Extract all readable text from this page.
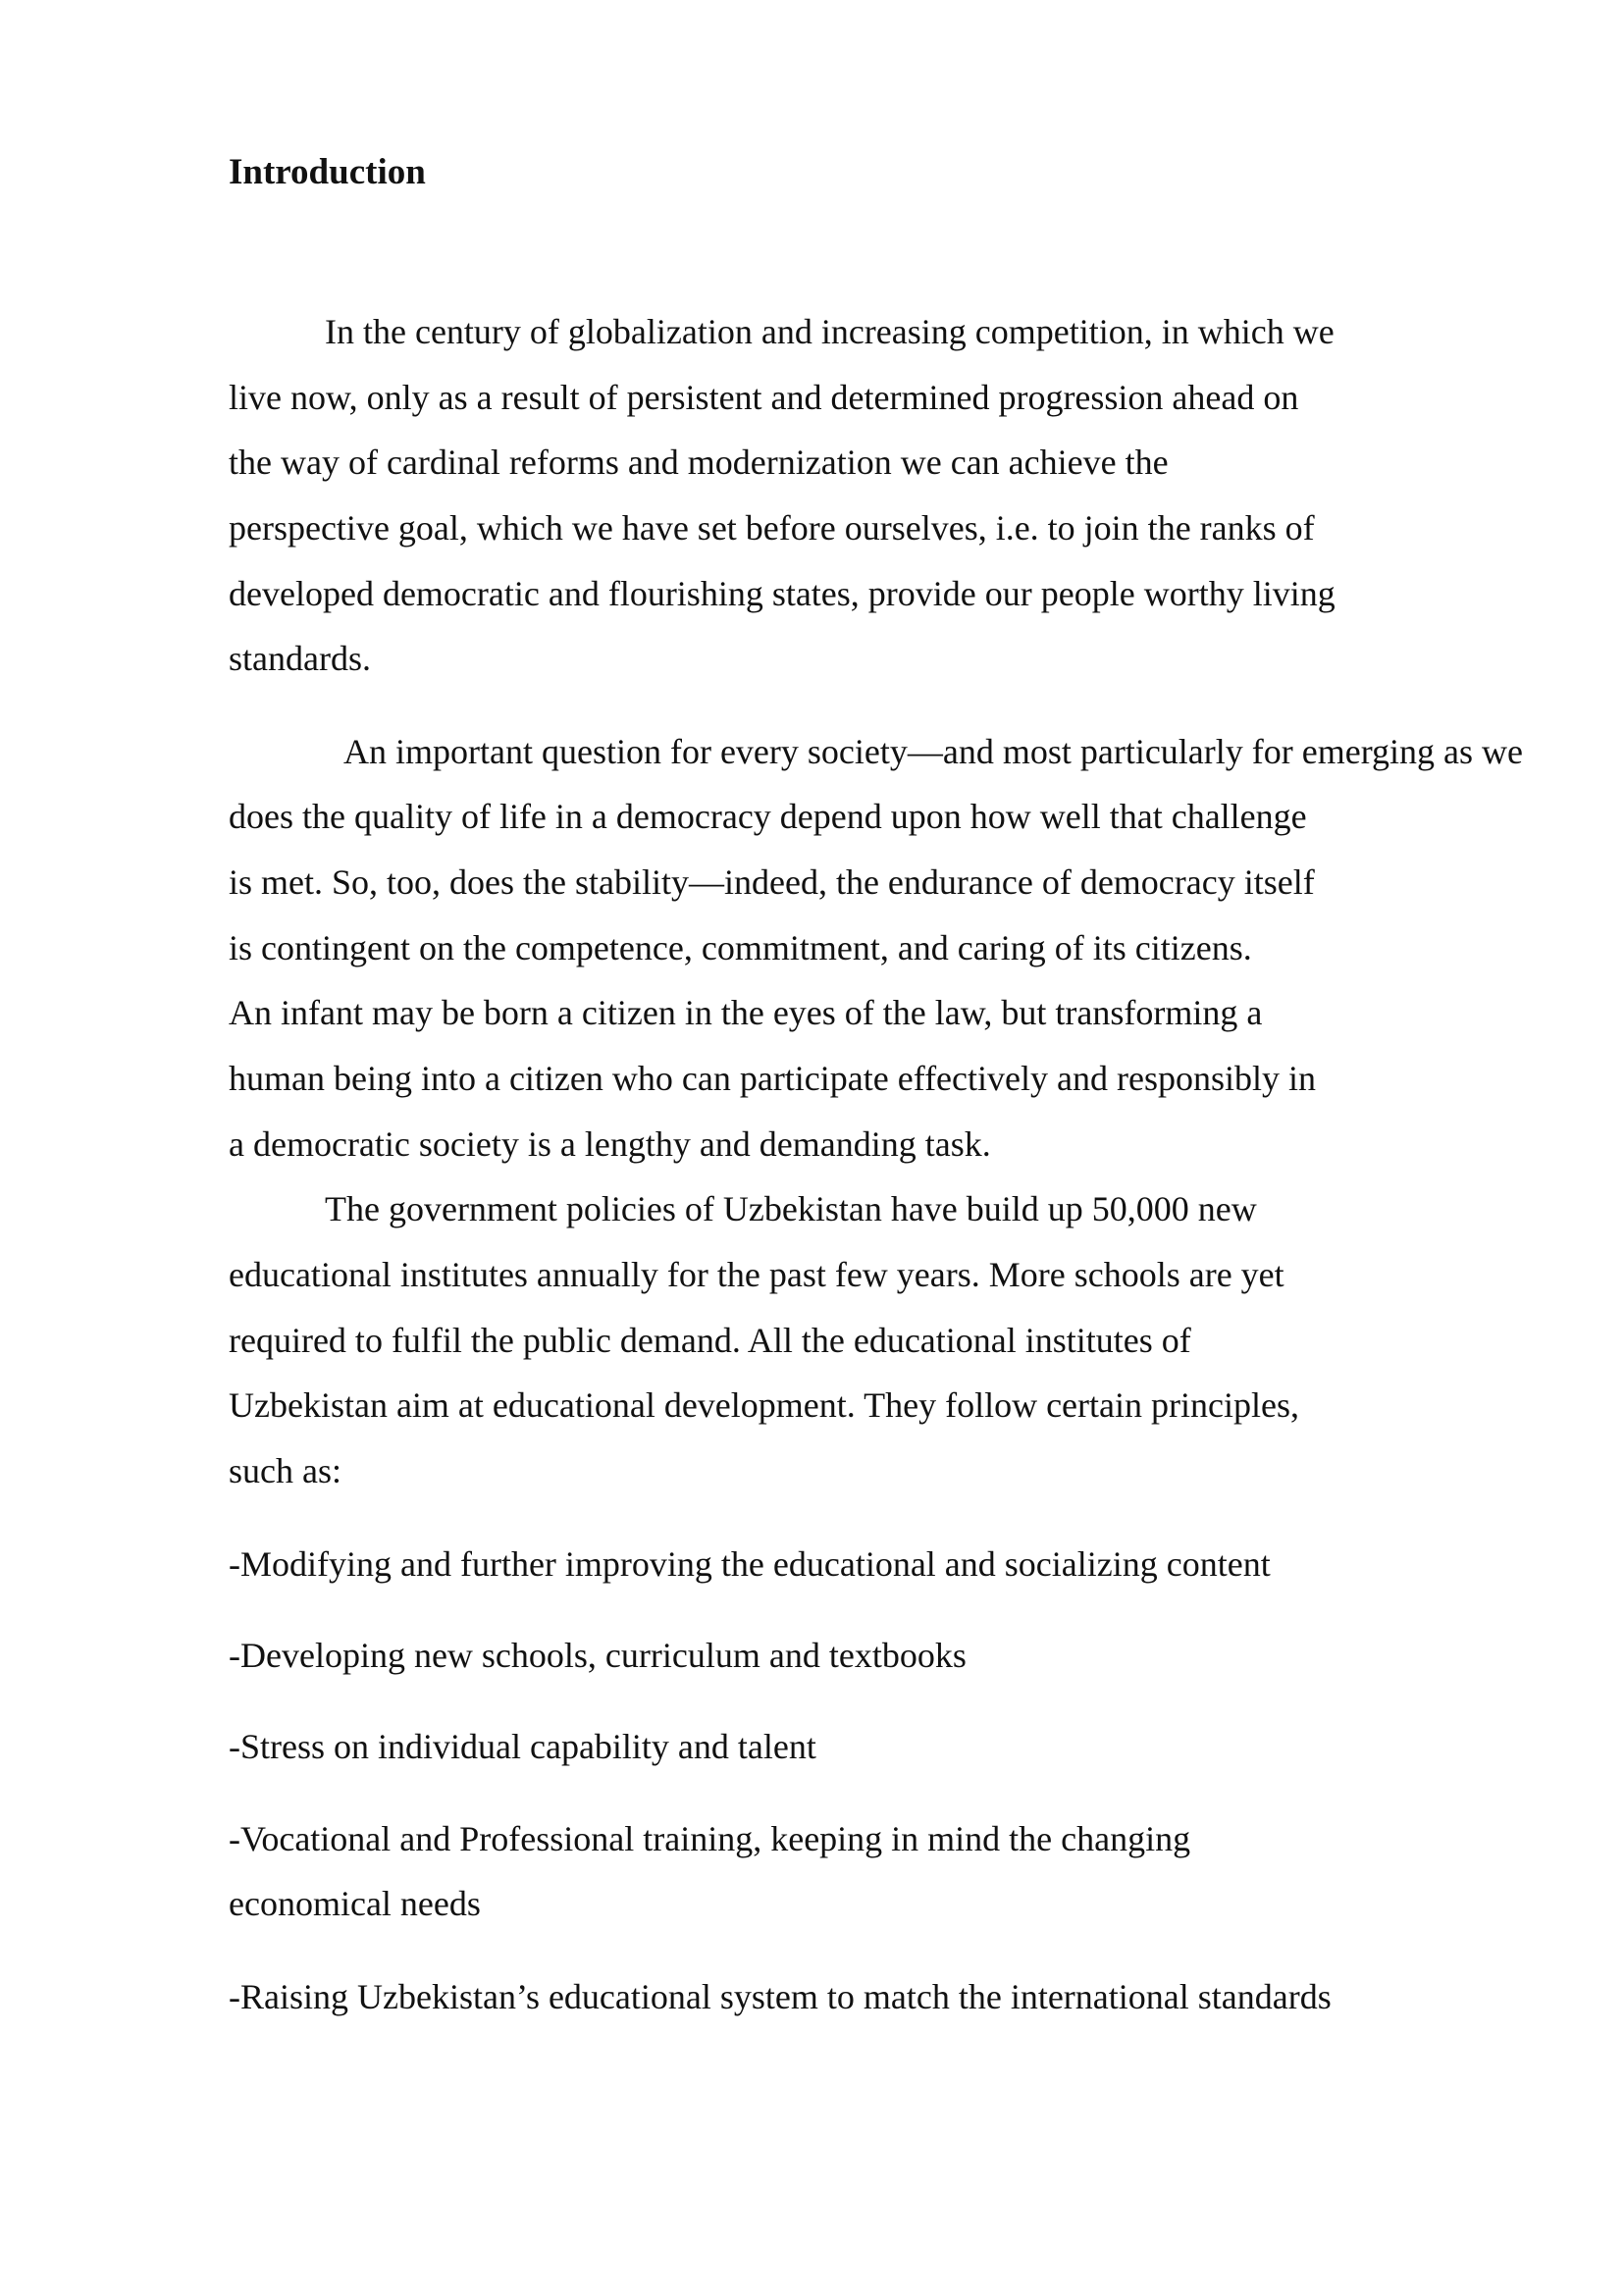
Introduction

In the century of globalization and increasing competition, in which we

live now, only as a result of persistent and determined progression ahead on

the way of cardinal reforms and modernization we can achieve the

perspective goal, which we have set before ourselves, i.e. to join the ranks of

developed democratic and flourishing states, provide our people worthy living

standards.

An important question for every society—and most particularly for emerging as we

does the quality of life in a democracy depend upon how well that challenge

is met. So, too, does the stability—indeed, the endurance of democracy itself

is contingent on the competence, commitment, and caring of its citizens.

An infant may be born a citizen in the eyes of the law, but transforming a

human being into a citizen who can participate effectively and responsibly in

a democratic society is a lengthy and demanding task.

The government policies of Uzbekistan have build up 50,000 new

educational institutes annually for the past few years. More schools are yet

required to fulfil the public demand. All the educational institutes of

Uzbekistan aim at educational development. They follow certain principles,

such as:

-Modifying and further improving the educational and socializing content

-Developing new schools, curriculum and textbooks

-Stress on individual capability and talent

-Vocational and Professional training, keeping in mind the changing

economical needs

-Raising Uzbekistan’s educational system to match the international standards
